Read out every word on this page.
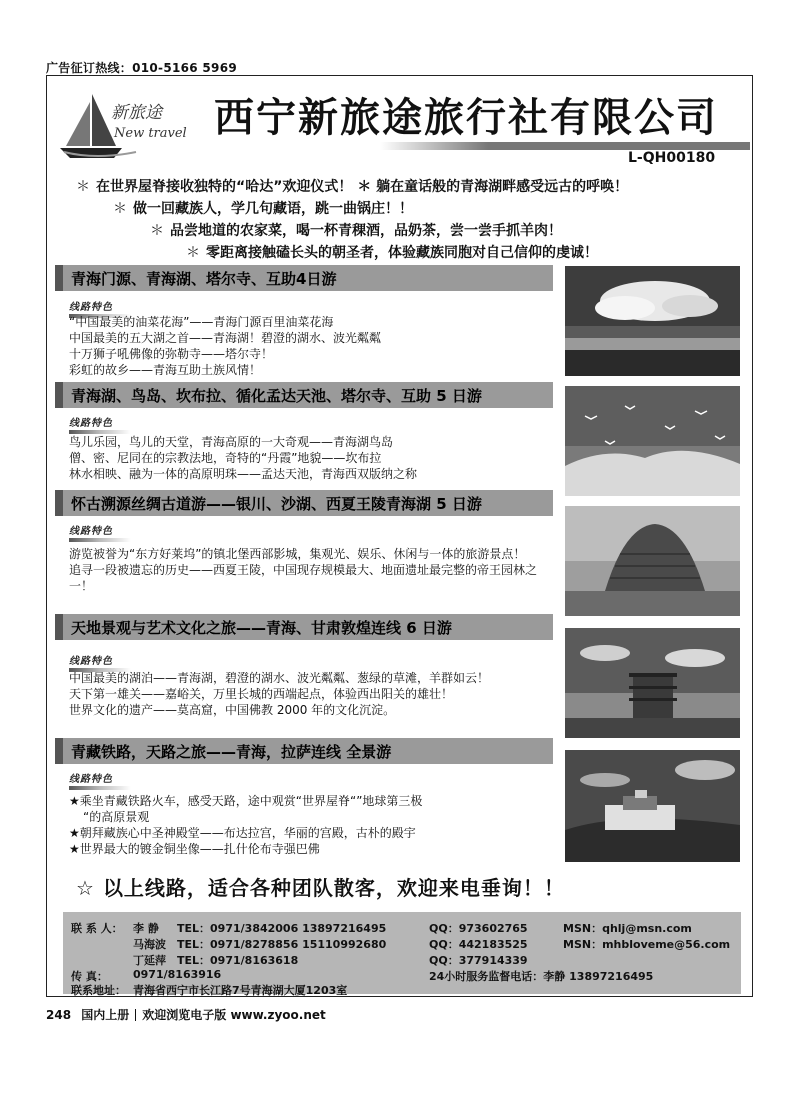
广告征订热线：010-5166 5969
新旅途
New travel 西宁新旅途旅行社有限公司
L-QH00180
＊ 在世界屋脊接收独特的“哈达”欢迎仪式！ ＊ 躺在童话般的青海湖畔感受远古的呼唤！
＊ 做一回藏族人，学几句藏语，跳一曲锅庄！！
＊ 品尝地道的农家菜，喝一杯青稞酒，品奶茶，尝一尝手抓羊肉！
＊ 零距离接触磕长头的朝圣者，体验藏族同胞对自己信仰的虔诚！
青海门源、青海湖、塔尔寺、互助4日游
线路特色

“中国最美的油菜花海”——青海门源百里油菜花海

中国最美的五大湖之首——青海湖！碧澄的湖水、波光粼粼

十万狮子吼佛像的弥勒寺——塔尔寺！

彩虹的故乡——青海互助土族风情！

青海湖、鸟岛、坎布拉、循化孟达天池、塔尔寺、互助 5 日游
线路特色

鸟儿乐园，鸟儿的天堂，青海高原的一大奇观——青海湖鸟岛

僧、密、尼同在的宗教法地，奇特的“丹霞”地貌——坎布拉

林水相映、融为一体的高原明珠——孟达天池，青海西双版纳之称

怀古溯源丝绸古道游——银川、沙湖、西夏王陵青海湖 5 日游
线路特色

游览被誉为“东方好莱坞”的镇北堡西部影城，集观光、娱乐、休闲与一体的旅游景点！

追寻一段被遗忘的历史——西夏王陵，中国现存规模最大、地面遗址最完整的帝王园林之一！

天地景观与艺术文化之旅——青海、甘肃敦煌连线 6 日游
线路特色

中国最美的湖泊——青海湖，碧澄的湖水、波光粼粼、葱绿的草滩，羊群如云！

天下第一雄关——嘉峪关，万里长城的西端起点，体验西出阳关的雄壮！

世界文化的遗产——莫高窟，中国佛教 2000 年的文化沉淀。

青藏铁路，天路之旅——青海，拉萨连线 全景游
线路特色

★乘坐青藏铁路火车，感受天路，途中观赏“世界屋脊“”地球第三极

“的高原景观

★朝拜藏族心中圣神殿堂——布达拉宫，华丽的宫殿，古朴的殿宇

★世界最大的镀金铜坐像——扎什伦布寺强巴佛

☆ 以上线路，适合各种团队散客，欢迎来电垂询！！
联 系 人： 李 静 TEL：0971/3842006 13897216495
马海波 TEL：0971/8278856 15110992680
丁延萍 TEL：0971/8163618
传 真： 0971/8163916
联系地址： 青海省西宁市长江路7号青海湖大厦1203室
QQ：973602765
QQ：442183525
QQ：377914339
24小时服务监督电话：李静 13897216495
MSN：qhlj@msn.com
MSN：mhbloveme@56.com
248 国内上册 欢迎浏览电子版 www.zyoo.net
